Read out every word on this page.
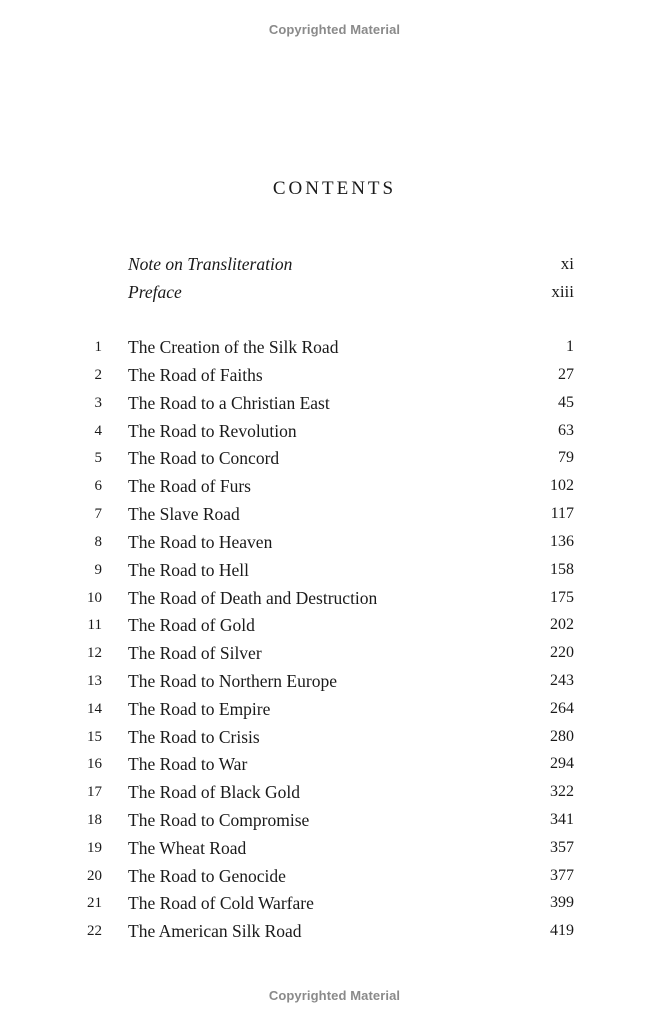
Copyrighted Material
CONTENTS
Note on Transliteration	xi
Preface	xiii
1 The Creation of the Silk Road	1
2 The Road of Faiths	27
3 The Road to a Christian East	45
4 The Road to Revolution	63
5 The Road to Concord	79
6 The Road of Furs	102
7 The Slave Road	117
8 The Road to Heaven	136
9 The Road to Hell	158
10 The Road of Death and Destruction	175
11 The Road of Gold	202
12 The Road of Silver	220
13 The Road to Northern Europe	243
14 The Road to Empire	264
15 The Road to Crisis	280
16 The Road to War	294
17 The Road of Black Gold	322
18 The Road to Compromise	341
19 The Wheat Road	357
20 The Road to Genocide	377
21 The Road of Cold Warfare	399
22 The American Silk Road	419
Copyrighted Material
